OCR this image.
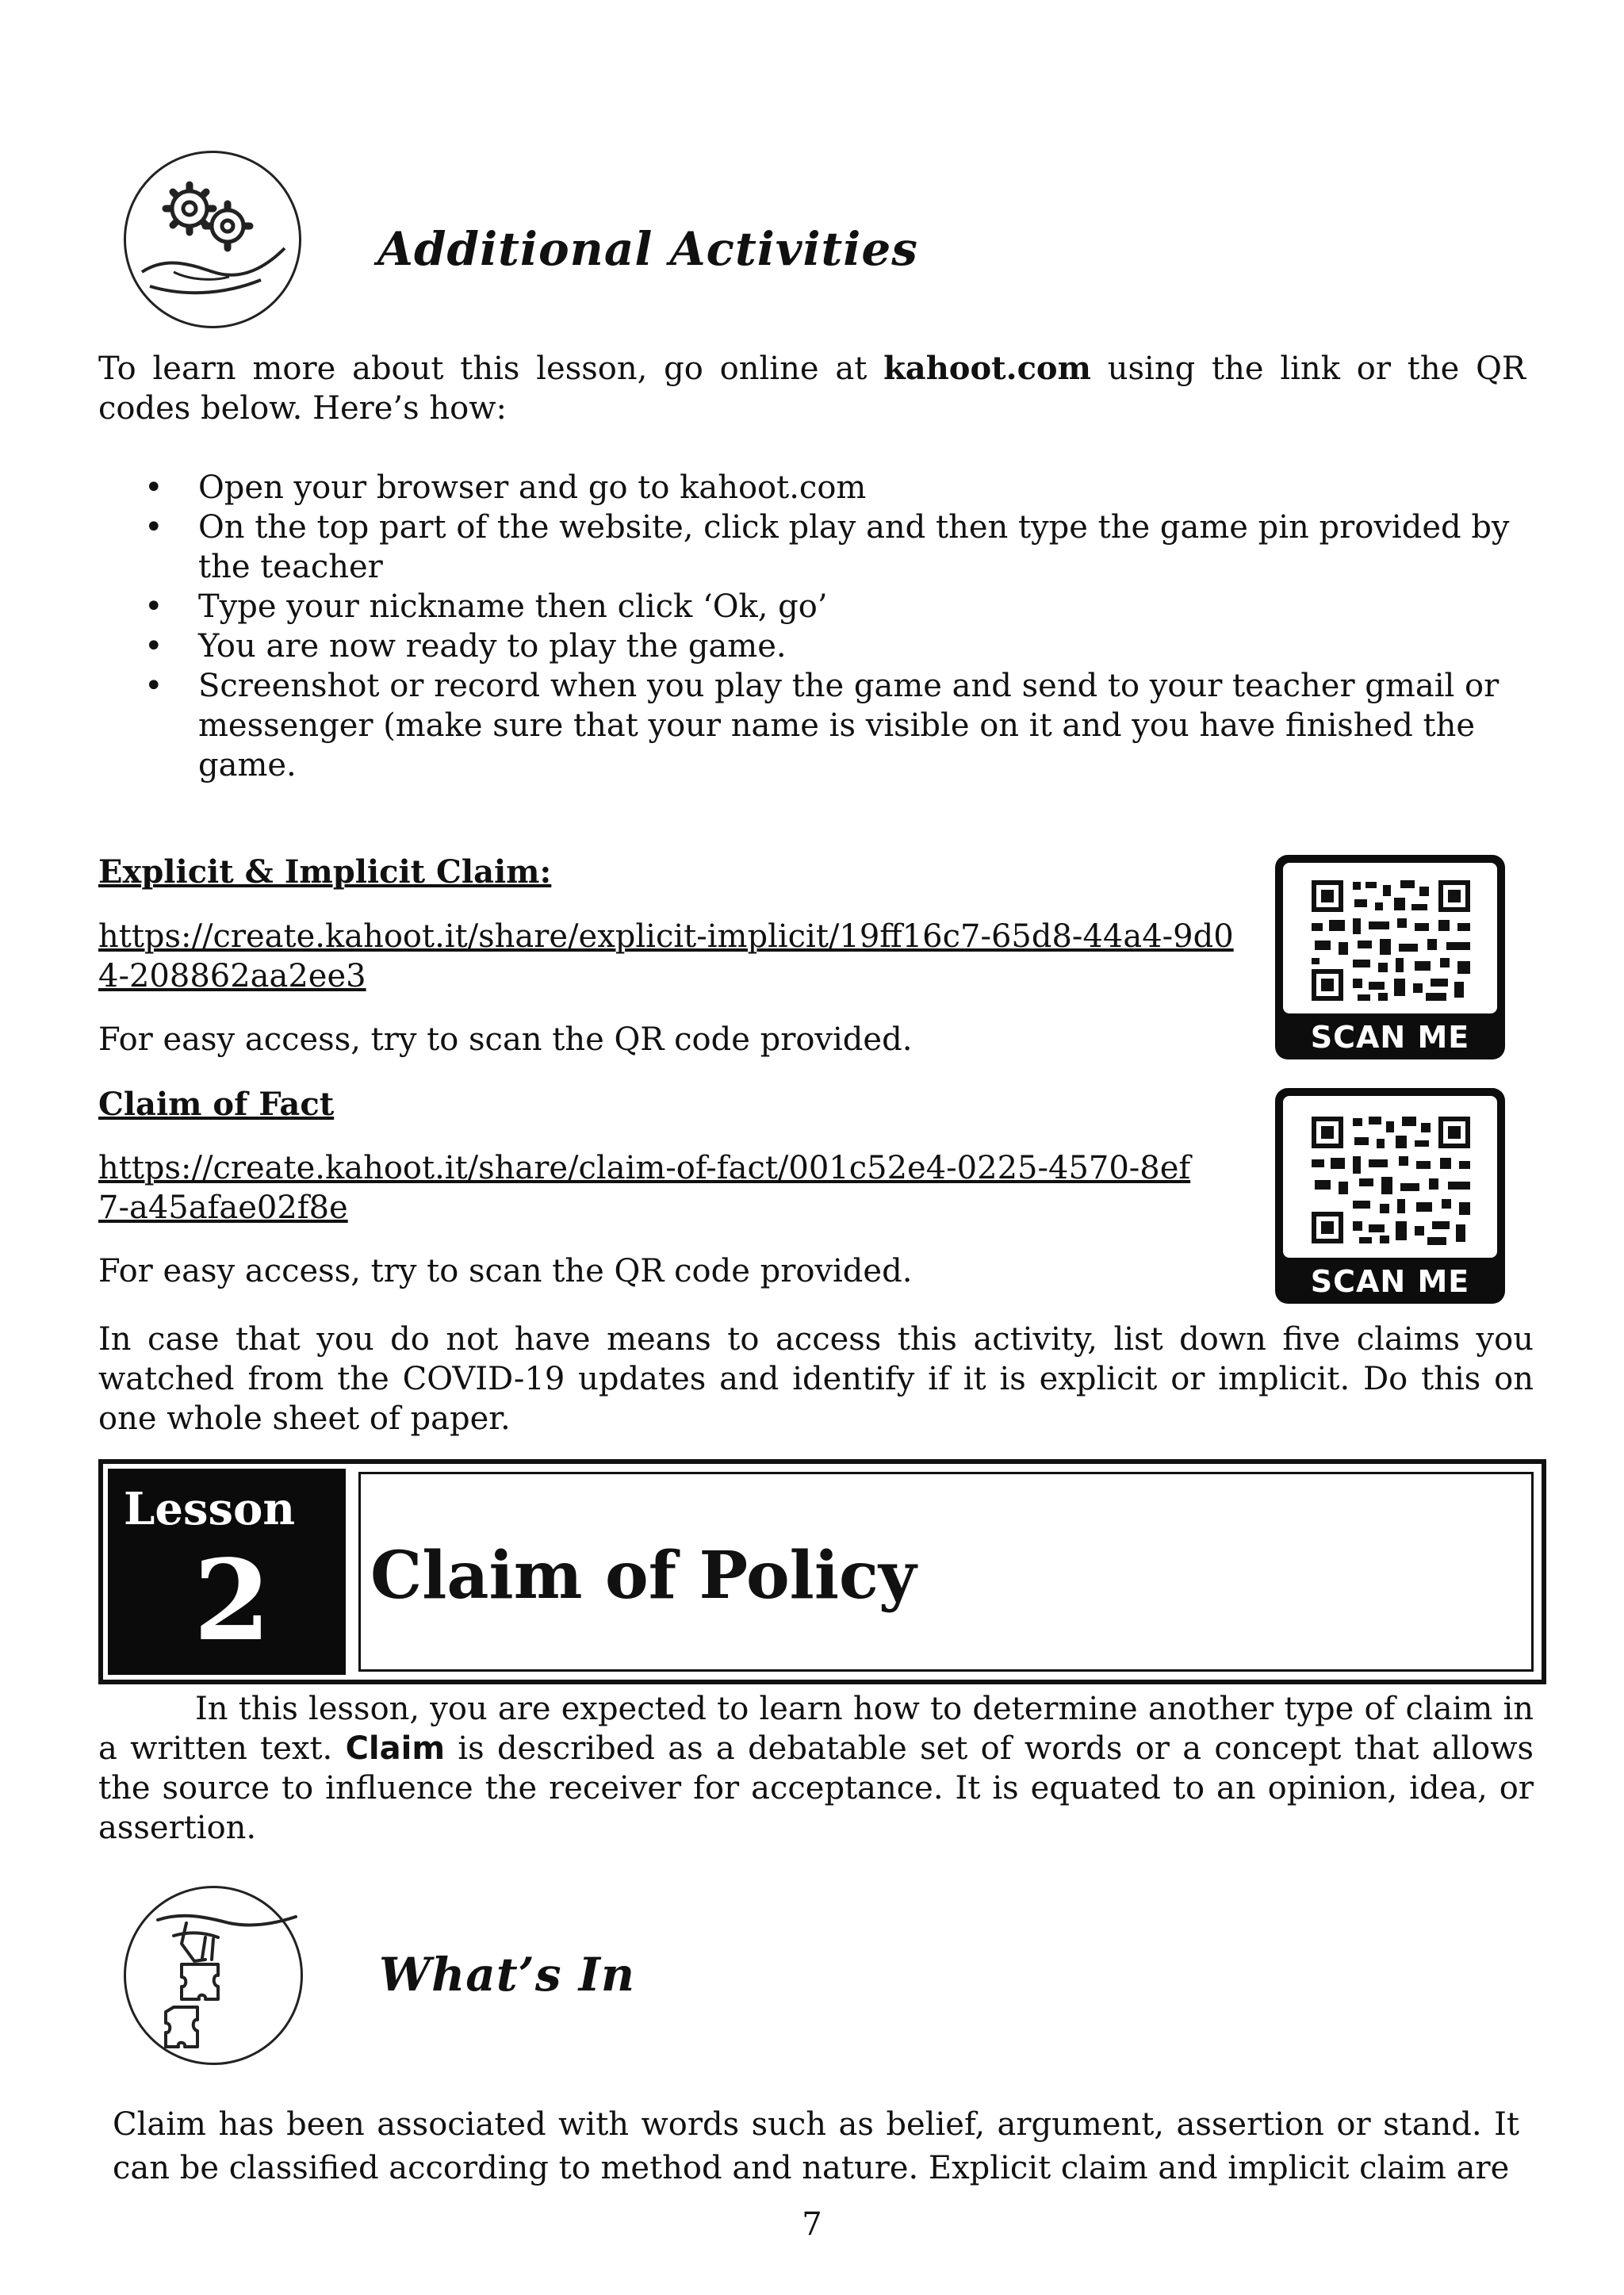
Additional Activities
To learn more about this lesson, go online at kahoot.com using the link or the QR codes below. Here’s how:
• Open your browser and go to kahoot.com
• On the top part of the website, click play and then type the game pin provided by the teacher
• Type your nickname then click ‘Ok, go’
• You are now ready to play the game.
• Screenshot or record when you play the game and send to your teacher gmail or messenger (make sure that your name is visible on it and you have finished the game.
Explicit & Implicit Claim:
https://create.kahoot.it/share/explicit-implicit/19ff16c7-65d8-44a4-9d04-208862aa2ee3
For easy access, try to scan the QR code provided.	SCAN ME
Claim of Fact
https://create.kahoot.it/share/claim-of-fact/001c52e4-0225-4570-8ef7-a45afae02f8e
For easy access, try to scan the QR code provided.	SCAN ME
In case that you do not have means to access this activity, list down five claims you watched from the COVID-19 updates and identify if it is explicit or implicit. Do this on one whole sheet of paper.
Lesson
2 Claim of Policy
In this lesson, you are expected to learn how to determine another type of claim in a written text. Claim is described as a debatable set of words or a concept that allows the source to influence the receiver for acceptance. It is equated to an opinion, idea, or assertion.
What’s In
Claim has been associated with words such as belief, argument, assertion or stand. It can be classified according to method and nature. Explicit claim and implicit claim are
7
